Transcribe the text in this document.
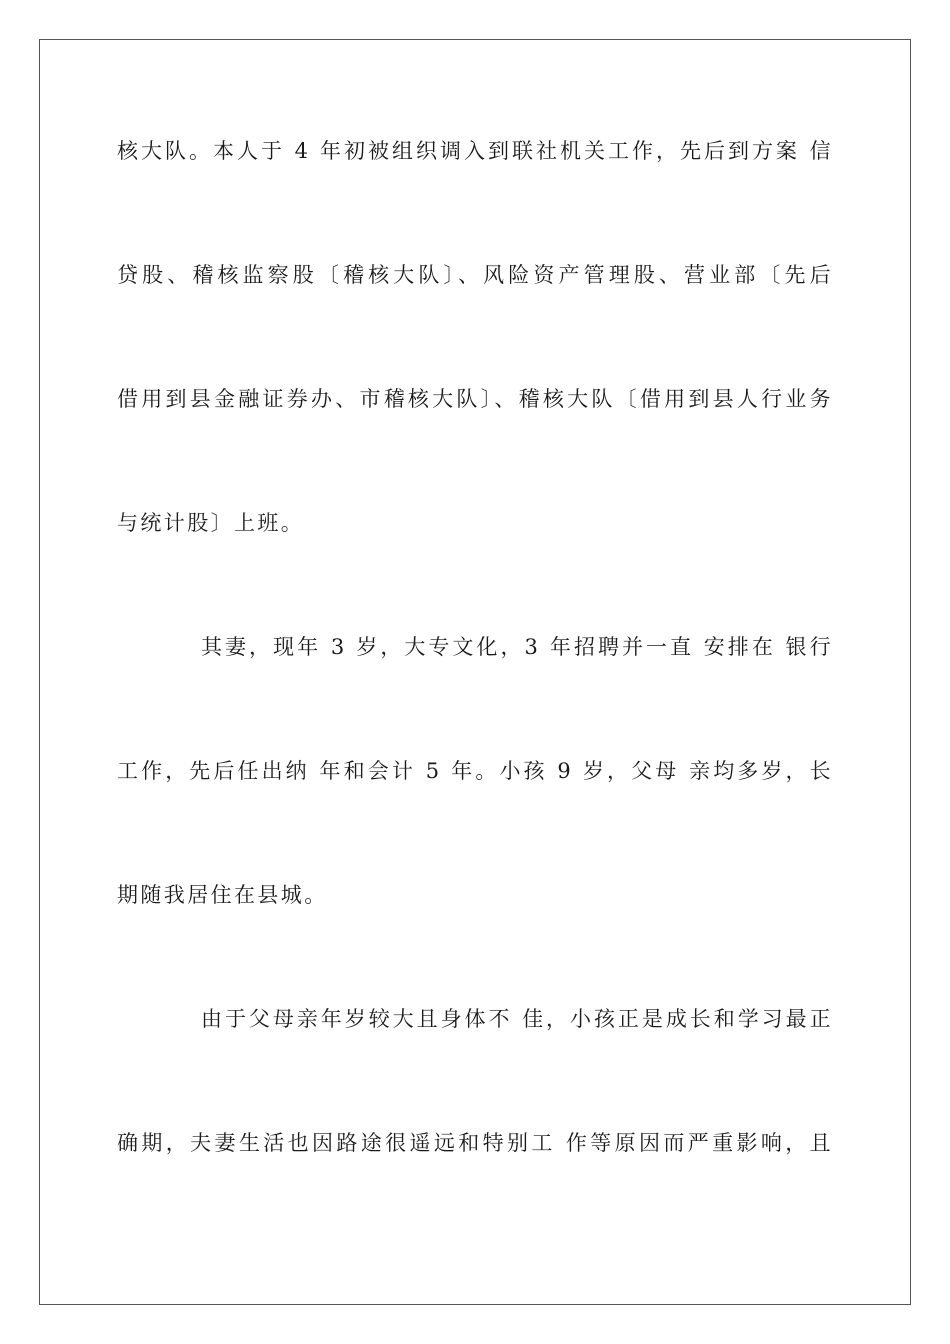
核大队。本人于 4 年初被组织调入到联社机关工作，先后到方案 信
贷股、稽核监察股〔稽核大队〕、风险资产管理股、营业部〔先后
借用到县金融证券办、市稽核大队〕、稽核大队〔借用到县人行业务
与统计股〕上班。
其妻，现年 3 岁，大专文化，3 年招聘并一直 安排在 银行
工作，先后任出纳 年和会计 5 年。小孩 9 岁，父母 亲均多岁，长
期随我居住在县城。
由于父母亲年岁较大且身体不 佳，小孩正是成长和学习最正
确期，夫妻生活也因路途很遥远和特别工 作等原因而严重影响，且
